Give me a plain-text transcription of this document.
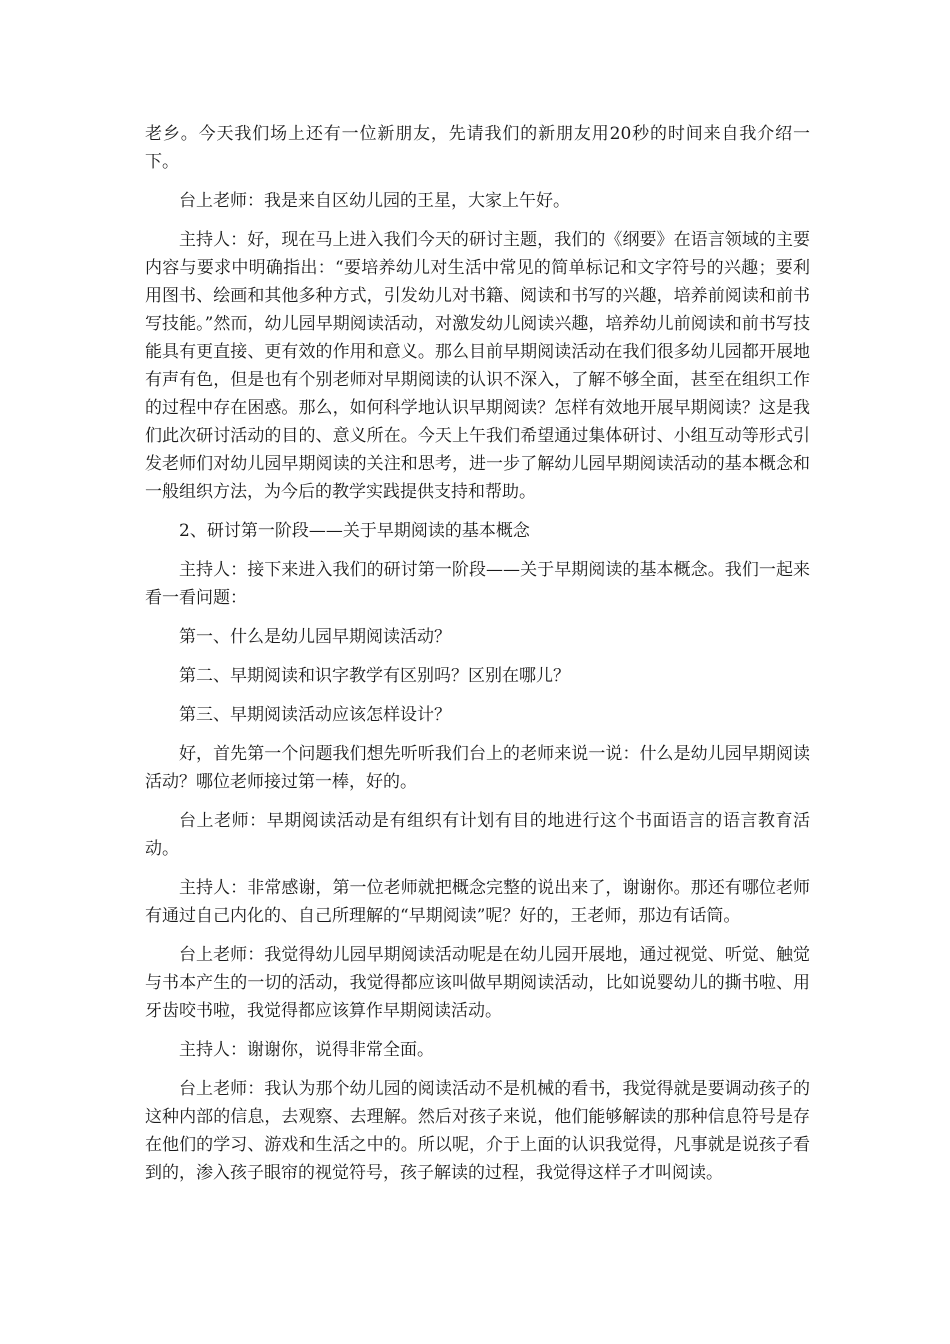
老乡。今天我们场上还有一位新朋友，先请我们的新朋友用20秒的时间来自我介绍一下。

台上老师：我是来自区幼儿园的王星，大家上午好。

主持人：好，现在马上进入我们今天的研讨主题，我们的《纲要》在语言领域的主要内容与要求中明确指出：“要培养幼儿对生活中常见的简单标记和文字符号的兴趣；要利用图书、绘画和其他多种方式，引发幼儿对书籍、阅读和书写的兴趣，培养前阅读和前书写技能。”然而，幼儿园早期阅读活动，对激发幼儿阅读兴趣，培养幼儿前阅读和前书写技能具有更直接、更有效的作用和意义。那么目前早期阅读活动在我们很多幼儿园都开展地有声有色，但是也有个别老师对早期阅读的认识不深入，了解不够全面，甚至在组织工作的过程中存在困惑。那么，如何科学地认识早期阅读？怎样有效地开展早期阅读？这是我们此次研讨活动的目的、意义所在。今天上午我们希望通过集体研讨、小组互动等形式引发老师们对幼儿园早期阅读的关注和思考，进一步了解幼儿园早期阅读活动的基本概念和一般组织方法，为今后的教学实践提供支持和帮助。

2、研讨第一阶段——关于早期阅读的基本概念

主持人：接下来进入我们的研讨第一阶段——关于早期阅读的基本概念。我们一起来看一看问题：

第一、什么是幼儿园早期阅读活动？

第二、早期阅读和识字教学有区别吗？区别在哪儿？

第三、早期阅读活动应该怎样设计？

好，首先第一个问题我们想先听听我们台上的老师来说一说：什么是幼儿园早期阅读活动？哪位老师接过第一棒，好的。

台上老师：早期阅读活动是有组织有计划有目的地进行这个书面语言的语言教育活动。

主持人：非常感谢，第一位老师就把概念完整的说出来了，谢谢你。那还有哪位老师有通过自己内化的、自己所理解的“早期阅读”呢？好的，王老师，那边有话筒。

台上老师：我觉得幼儿园早期阅读活动呢是在幼儿园开展地，通过视觉、听觉、触觉与书本产生的一切的活动，我觉得都应该叫做早期阅读活动，比如说婴幼儿的撕书啦、用牙齿咬书啦，我觉得都应该算作早期阅读活动。

主持人：谢谢你，说得非常全面。

台上老师：我认为那个幼儿园的阅读活动不是机械的看书，我觉得就是要调动孩子的这种内部的信息，去观察、去理解。然后对孩子来说，他们能够解读的那种信息符号是存在他们的学习、游戏和生活之中的。所以呢，介于上面的认识我觉得，凡事就是说孩子看到的，渗入孩子眼帘的视觉符号，孩子解读的过程，我觉得这样子才叫阅读。
